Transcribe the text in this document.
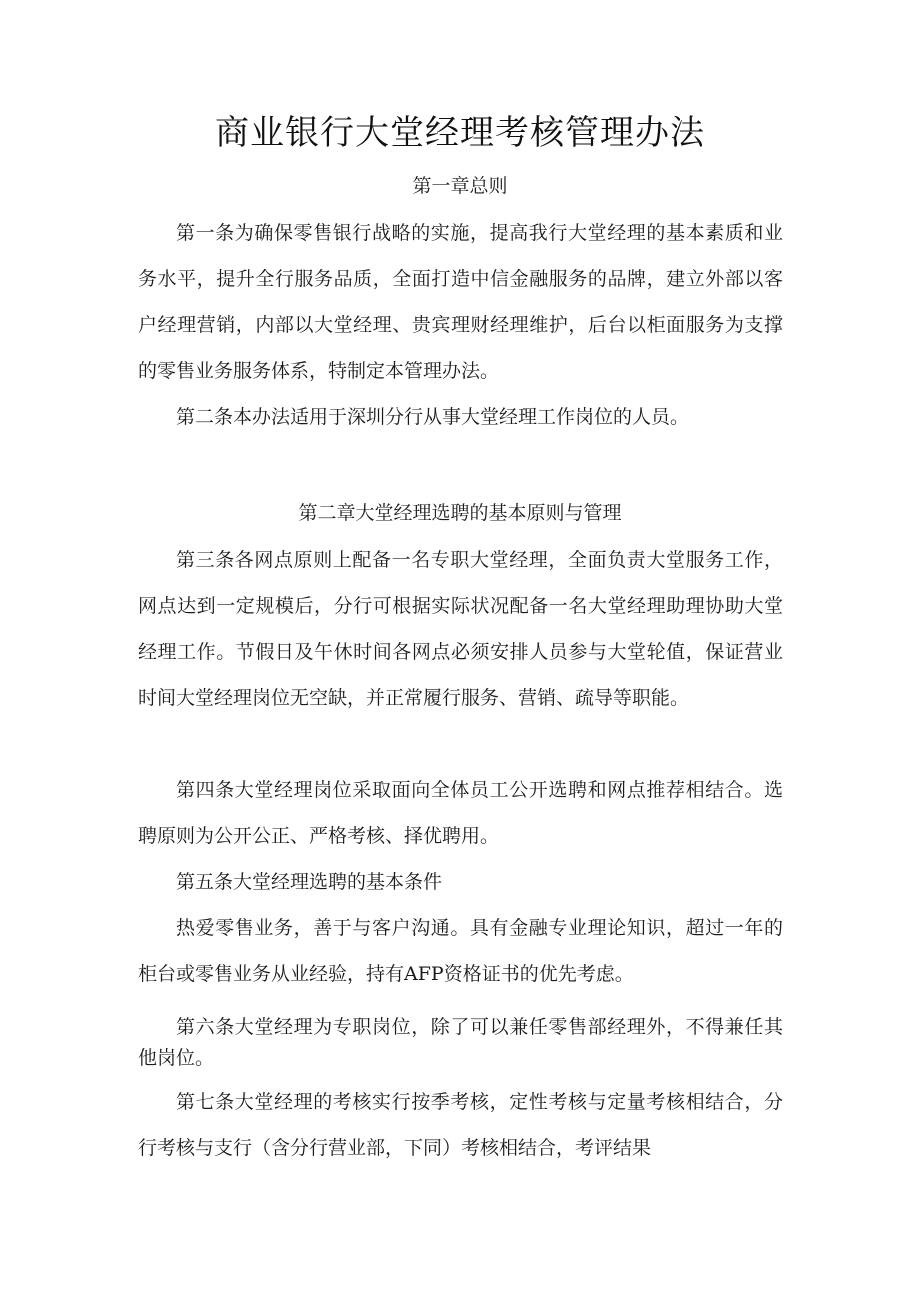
商业银行大堂经理考核管理办法
第一章总则

第一条为确保零售银行战略的实施，提高我行大堂经理的基本素质和业务水平，提升全行服务品质，全面打造中信金融服务的品牌，建立外部以客户经理营销，内部以大堂经理、贵宾理财经理维护，后台以柜面服务为支撑的零售业务服务体系，特制定本管理办法。

第二条本办法适用于深圳分行从事大堂经理工作岗位的人员。

第二章大堂经理选聘的基本原则与管理

第三条各网点原则上配备一名专职大堂经理，全面负责大堂服务工作，网点达到一定规模后，分行可根据实际状况配备一名大堂经理助理协助大堂经理工作。节假日及午休时间各网点必须安排人员参与大堂轮值，保证营业时间大堂经理岗位无空缺，并正常履行服务、营销、疏导等职能。

第四条大堂经理岗位采取面向全体员工公开选聘和网点推荐相结合。选聘原则为公开公正、严格考核、择优聘用。

第五条大堂经理选聘的基本条件

热爱零售业务，善于与客户沟通。具有金融专业理论知识，超过一年的柜台或零售业务从业经验，持有AFP资格证书的优先考虑。

第六条大堂经理为专职岗位，除了可以兼任零售部经理外，不得兼任其他岗位。

第七条大堂经理的考核实行按季考核，定性考核与定量考核相结合，分行考核与支行（含分行营业部，下同）考核相结合，考评结果
